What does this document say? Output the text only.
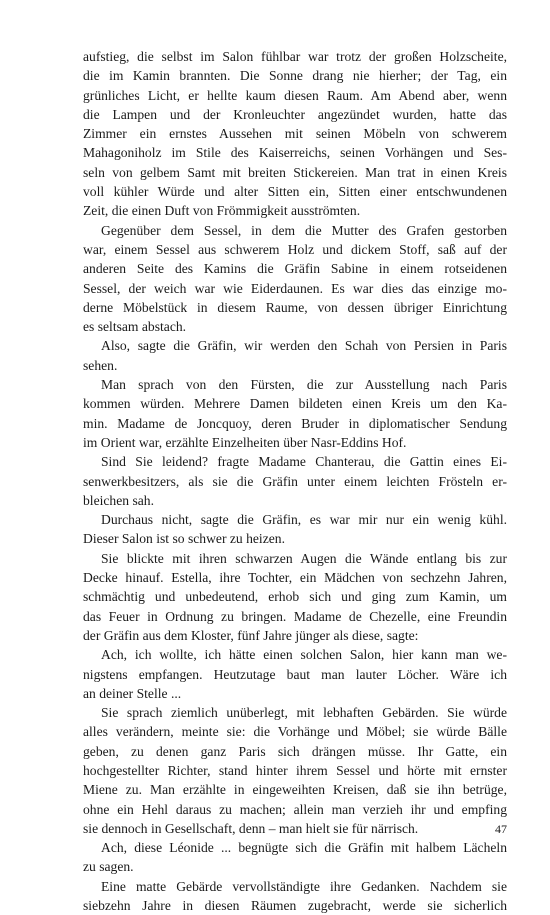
aufstieg, die selbst im Salon fühlbar war trotz der großen Holzscheite,
die im Kamin brannten. Die Sonne drang nie hierher; der Tag, ein
grünliches Licht, er hellte kaum diesen Raum. Am Abend aber, wenn
die Lampen und der Kronleuchter angezündet wurden, hatte das
Zimmer ein ernstes Aussehen mit seinen Möbeln von schwerem
Mahagoniholz im Stile des Kaiserreichs, seinen Vorhängen und Ses-
seln von gelbem Samt mit breiten Stickereien. Man trat in einen Kreis
voll kühler Würde und alter Sitten ein, Sitten einer entschwundenen
Zeit, die einen Duft von Frömmigkeit ausströmten.
Gegenüber dem Sessel, in dem die Mutter des Grafen gestorben
war, einem Sessel aus schwerem Holz und dickem Stoff, saß auf der
anderen Seite des Kamins die Gräfin Sabine in einem rotseidenen
Sessel, der weich war wie Eiderdaunen. Es war dies das einzige mo-
derne Möbelstück in diesem Raume, von dessen übriger Einrichtung
es seltsam abstach.
Also, sagte die Gräfin, wir werden den Schah von Persien in Paris
sehen.
Man sprach von den Fürsten, die zur Ausstellung nach Paris
kommen würden. Mehrere Damen bildeten einen Kreis um den Ka-
min. Madame de Joncquoy, deren Bruder in diplomatischer Sendung
im Orient war, erzählte Einzelheiten über Nasr-Eddins Hof.
Sind Sie leidend? fragte Madame Chanterau, die Gattin eines Ei-
senwerkbesitzers, als sie die Gräfin unter einem leichten Frösteln er-
bleichen sah.
Durchaus nicht, sagte die Gräfin, es war mir nur ein wenig kühl.
Dieser Salon ist so schwer zu heizen.
Sie blickte mit ihren schwarzen Augen die Wände entlang bis zur
Decke hinauf. Estella, ihre Tochter, ein Mädchen von sechzehn Jahren,
schmächtig und unbedeutend, erhob sich und ging zum Kamin, um
das Feuer in Ordnung zu bringen. Madame de Chezelle, eine Freundin
der Gräfin aus dem Kloster, fünf Jahre jünger als diese, sagte:
Ach, ich wollte, ich hätte einen solchen Salon, hier kann man we-
nigstens empfangen. Heutzutage baut man lauter Löcher. Wäre ich
an deiner Stelle ...
Sie sprach ziemlich unüberlegt, mit lebhaften Gebärden. Sie würde
alles verändern, meinte sie: die Vorhänge und Möbel; sie würde Bälle
geben, zu denen ganz Paris sich drängen müsse. Ihr Gatte, ein
hochgestellter Richter, stand hinter ihrem Sessel und hörte mit ernster
Miene zu. Man erzählte in eingeweihten Kreisen, daß sie ihn betrüge,
ohne ein Hehl daraus zu machen; allein man verzieh ihr und empfing
sie dennoch in Gesellschaft, denn – man hielt sie für närrisch.
Ach, diese Léonide ... begnügte sich die Gräfin mit halbem Lächeln
zu sagen.
Eine matte Gebärde vervollständigte ihre Gedanken. Nachdem sie
siebzehn Jahre in diesen Räumen zugebracht, werde sie sicherlich
47
